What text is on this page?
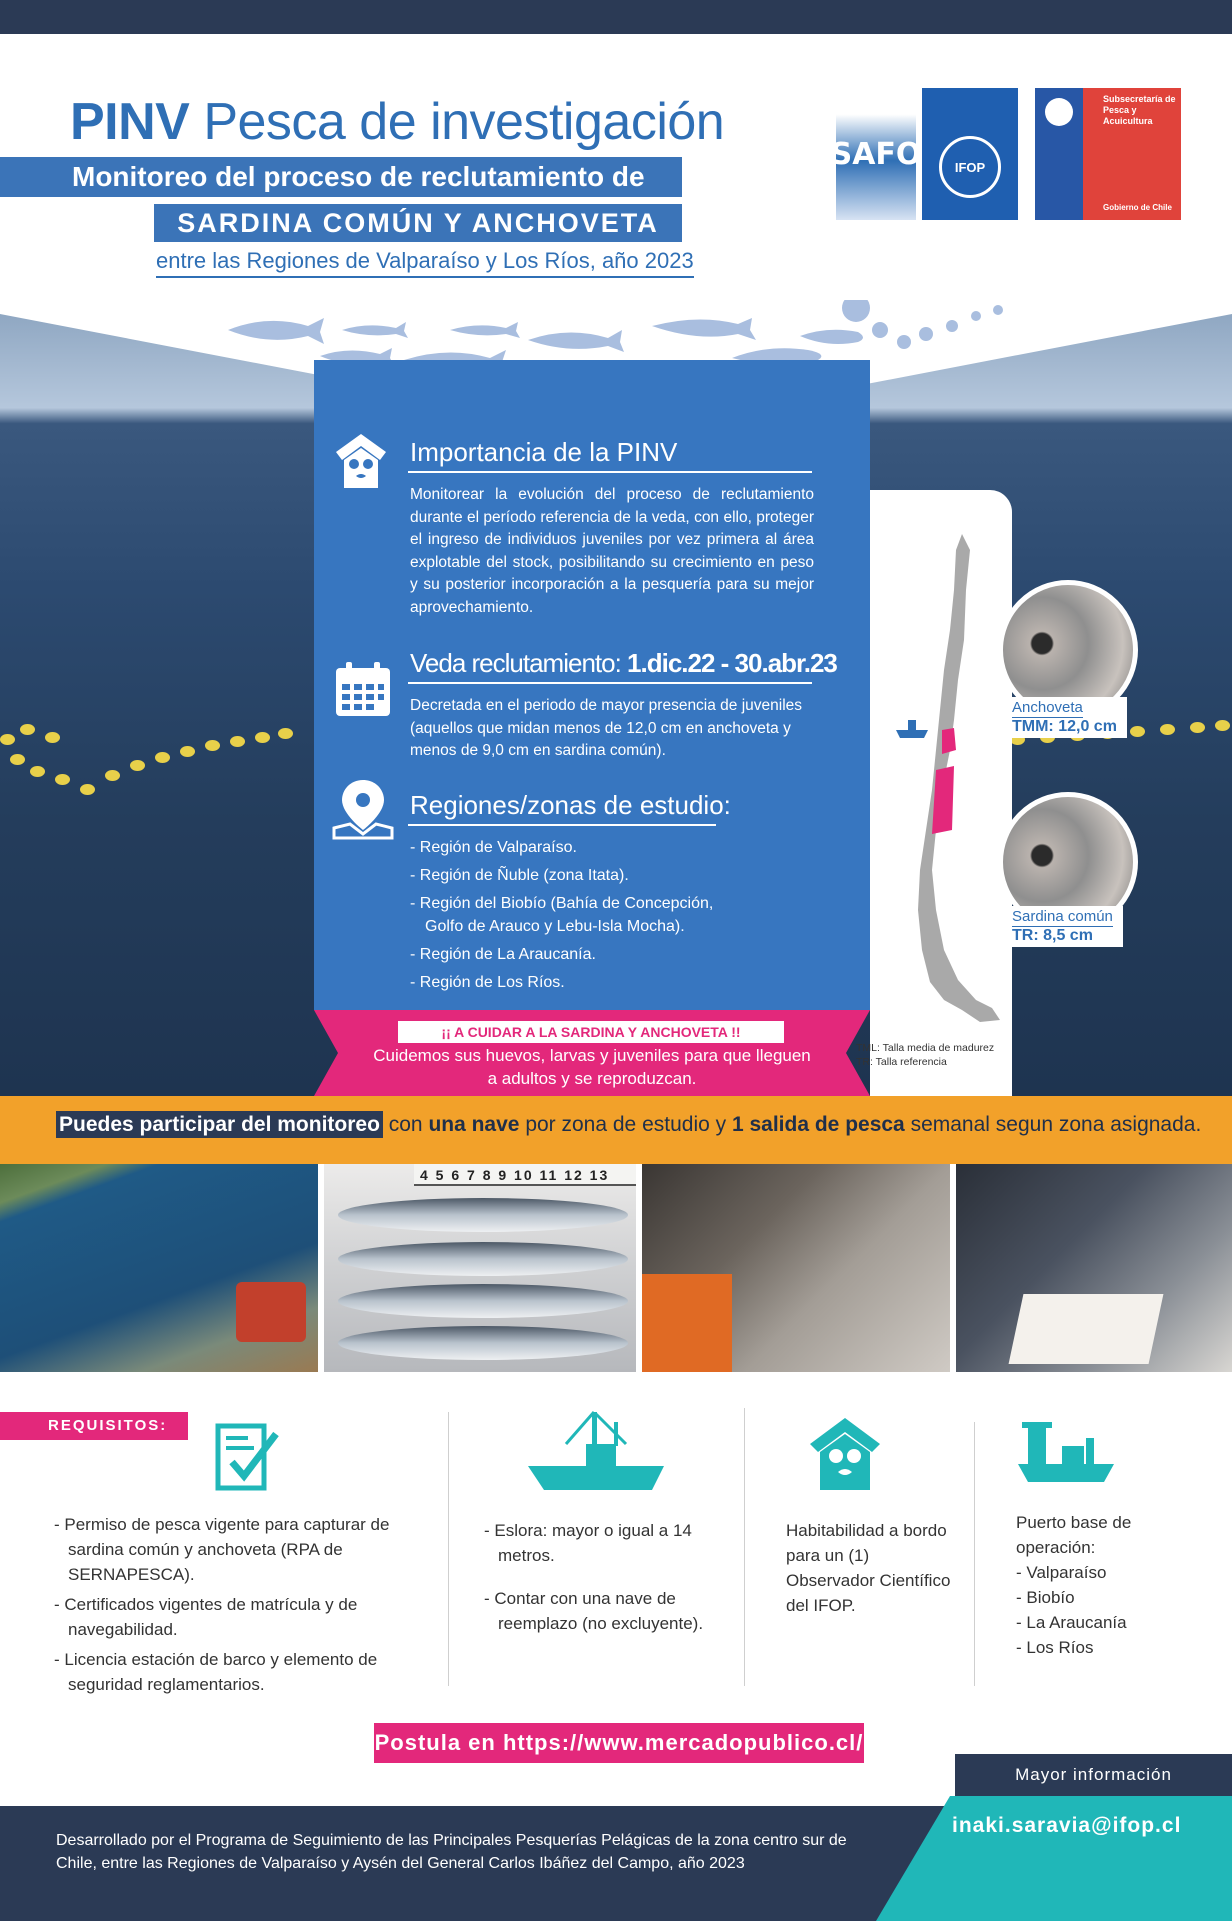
PINV Pesca de investigación
Monitoreo del proceso de reclutamiento de
SARDINA COMÚN Y ANCHOVETA
entre las Regiones de Valparaíso y Los Ríos, año 2023
SAFO	IFOP
Subsecretaría de Pesca y Acuicultura
Gobierno de Chile
Importancia de la PINV
Monitorear la evolución del proceso de reclutamiento durante el período referencia de la veda, con ello, proteger el ingreso de individuos juveniles por vez primera al área explotable del stock, posibilitando su crecimiento en peso y su posterior incorporación a la pesquería para su mejor aprovechamiento.
Veda reclutamiento: 1.dic.22 - 30.abr.23
Decretada en el periodo de mayor presencia de juveniles (aquellos que midan menos de 12,0 cm en anchoveta y menos de 9,0 cm en sardina común).
Regiones/zonas de estudio:
- Región de Valparaíso.
- Región de Ñuble (zona Itata).
- Región del Biobío (Bahía de Concepción, Golfo de Arauco y Lebu-Isla Mocha).
- Región de La Araucanía.
- Región de Los Ríos.
¡¡ A CUIDAR A LA SARDINA Y ANCHOVETA !!
Cuidemos sus huevos, larvas y juveniles para que lleguen a adultos y se reproduzcan.
TML: Talla media de madurez
TR: Talla referencia
Anchoveta
TMM: 12,0 cm
Sardina común
TR: 8,5 cm
Puedes participar del monitoreo con una nave por zona de estudio y 1 salida de pesca semanal segun zona asignada.
4 5 6 7 8 9 10 11 12 13
REQUISITOS:
- Permiso de pesca vigente para capturar de sardina común y anchoveta (RPA de SERNAPESCA).
- Certificados vigentes de matrícula y de navegabilidad.
- Licencia estación de barco y elemento de seguridad reglamentarios.
- Eslora: mayor o igual a 14 metros.
- Contar con una nave de reemplazo (no excluyente).
Habitabilidad a bordo para un (1) Observador Científico del IFOP.
Puerto base de operación:
- Valparaíso
- Biobío
- La Araucanía
- Los Ríos
Postula en https://www.mercadopublico.cl/
Mayor información
inaki.saravia@ifop.cl
Desarrollado por el Programa de Seguimiento de las Principales Pesquerías Pelágicas de la zona centro sur de Chile, entre las Regiones de Valparaíso y Aysén del General Carlos Ibáñez del Campo, año 2023
